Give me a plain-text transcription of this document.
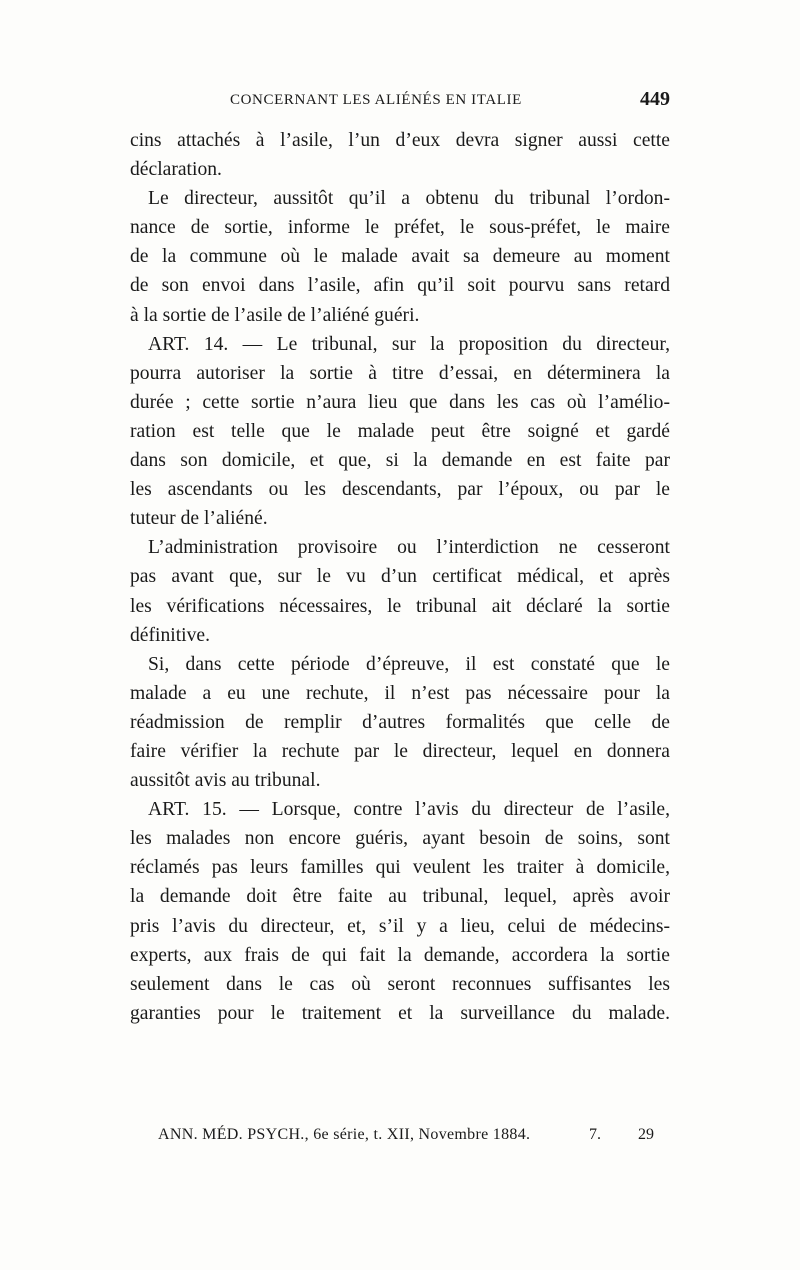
CONCERNANT LES ALIÉNÉS EN ITALIE	449
cins attachés à l’asile, l’un d’eux devra signer aussi cette
déclaration.
Le directeur, aussitôt qu’il a obtenu du tribunal l’ordon-
nance de sortie, informe le préfet, le sous-préfet, le maire
de la commune où le malade avait sa demeure au moment
de son envoi dans l’asile, afin qu’il soit pourvu sans retard
à la sortie de l’asile de l’aliéné guéri.
ART. 14. — Le tribunal, sur la proposition du directeur,
pourra autoriser la sortie à titre d’essai, en déterminera la
durée ; cette sortie n’aura lieu que dans les cas où l’amélio-
ration est telle que le malade peut être soigné et gardé
dans son domicile, et que, si la demande en est faite par
les ascendants ou les descendants, par l’époux, ou par le
tuteur de l’aliéné.
L’administration provisoire ou l’interdiction ne cesseront
pas avant que, sur le vu d’un certificat médical, et après
les vérifications nécessaires, le tribunal ait déclaré la sortie
définitive.
Si, dans cette période d’épreuve, il est constaté que le
malade a eu une rechute, il n’est pas nécessaire pour la
réadmission de remplir d’autres formalités que celle de
faire vérifier la rechute par le directeur, lequel en donnera
aussitôt avis au tribunal.
ART. 15. — Lorsque, contre l’avis du directeur de l’asile,
les malades non encore guéris, ayant besoin de soins, sont
réclamés pas leurs familles qui veulent les traiter à domicile,
la demande doit être faite au tribunal, lequel, après avoir
pris l’avis du directeur, et, s’il y a lieu, celui de médecins-
experts, aux frais de qui fait la demande, accordera la sortie
seulement dans le cas où seront reconnues suffisantes les
garanties pour le traitement et la surveillance du malade.
ANN. MÉD. PSYCH., 6e série, t. XII, Novembre 1884.	7. 29
